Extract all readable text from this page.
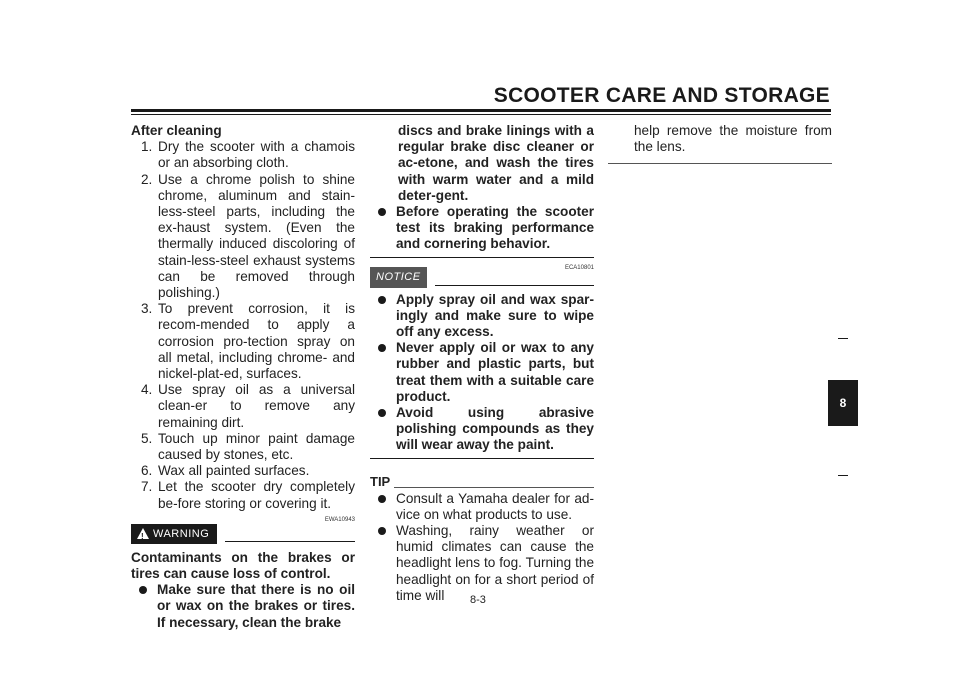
SCOOTER CARE AND STORAGE

After cleaning

1. Dry the scooter with a chamois or an absorbing cloth.
2. Use a chrome polish to shine chrome, aluminum and stain-less-steel parts, including the ex-haust system. (Even the thermally induced discoloring of stain-less-steel exhaust systems can be removed through polishing.)
3. To prevent corrosion, it is recom-mended to apply a corrosion pro-tection spray on all metal, including chrome- and nickel-plat-ed, surfaces.
4. Use spray oil as a universal clean-er to remove any remaining dirt.
5. Touch up minor paint damage caused by stones, etc.
6. Wax all painted surfaces.
7. Let the scooter dry completely be-fore storing or covering it.
! WARNING
EWA10943

Contaminants on the brakes or tires can cause loss of control.

Make sure that there is no oil or wax on the brakes or tires. If necessary, clean the brake
discs and brake linings with a regular brake disc cleaner or ac-etone, and wash the tires with warm water and a mild deter-gent.
Before operating the scooter test its braking performance and cornering behavior.
ECA10801
NOTICE
Apply spray oil and wax spar-ingly and make sure to wipe off any excess.
Never apply oil or wax to any rubber and plastic parts, but treat them with a suitable care product.
Avoid using abrasive polishing compounds as they will wear away the paint.
TIP
Consult a Yamaha dealer for ad-vice on what products to use.
Washing, rainy weather or humid climates can cause the headlight lens to fog. Turning the headlight on for a short period of time will

help remove the moisture from the lens.

8-3
8
